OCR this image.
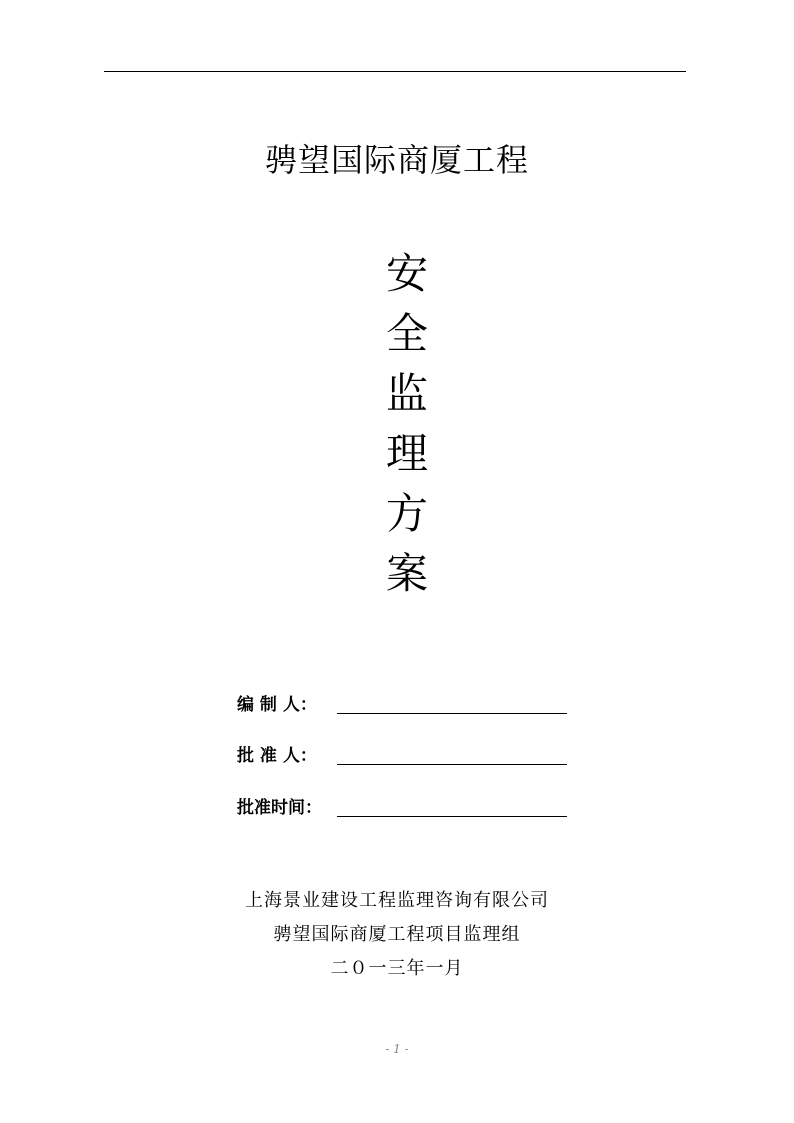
骋望国际商厦工程
安
全
监
理
方
案
编 制 人：
批 准 人：
批准时间：
上海景业建设工程监理咨询有限公司
骋望国际商厦工程项目监理组
二０一三年一月
- 1 -
